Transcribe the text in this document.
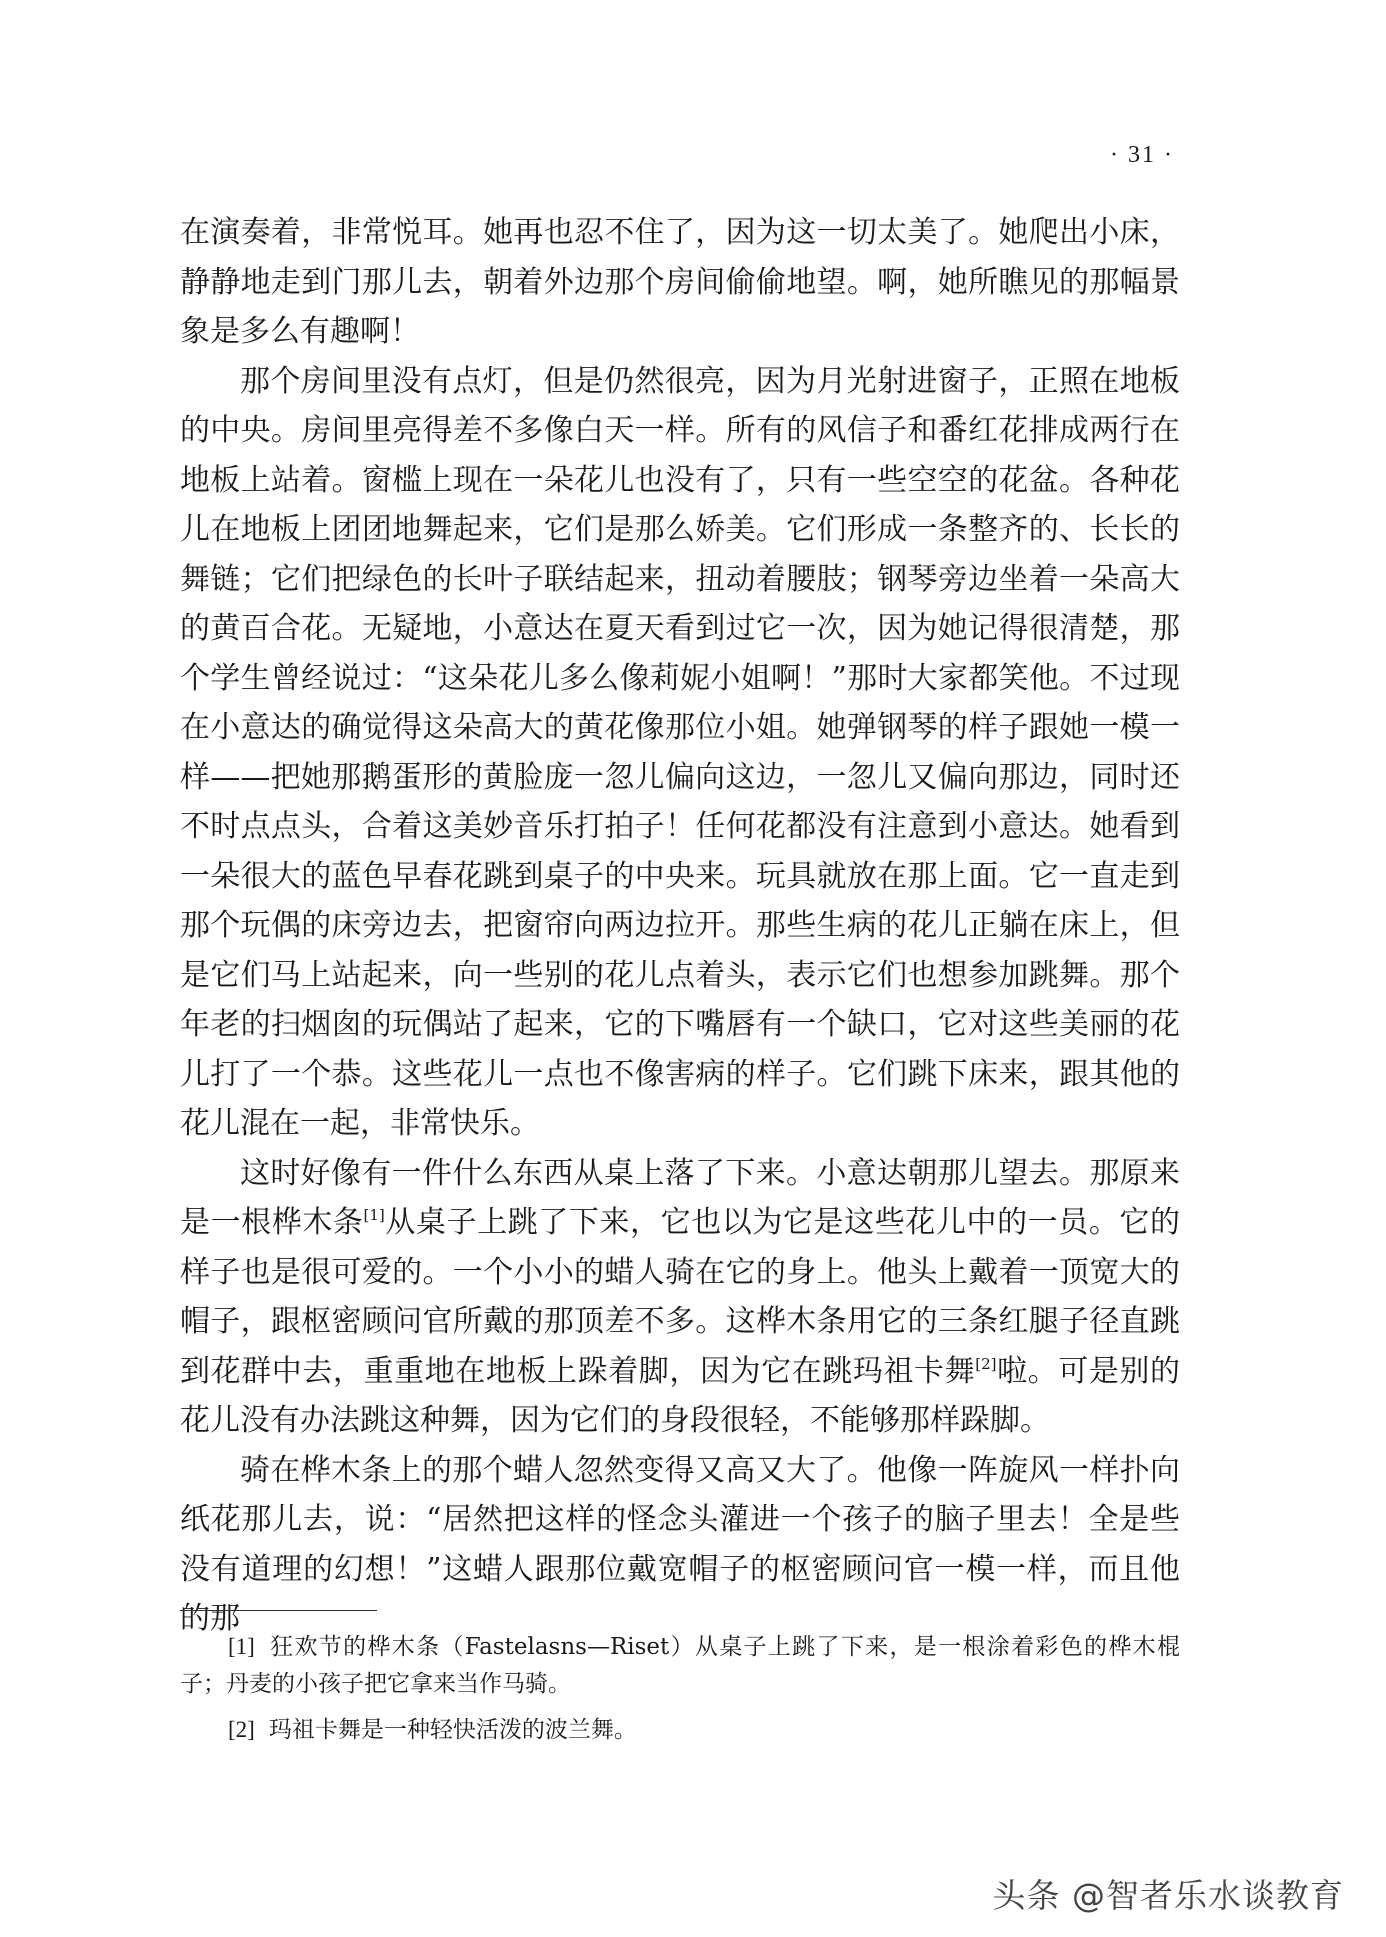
· 31 ·

在演奏着，非常悦耳。她再也忍不住了，因为这一切太美了。她爬出小床，静静地走到门那儿去，朝着外边那个房间偷偷地望。啊，她所瞧见的那幅景象是多么有趣啊！

那个房间里没有点灯，但是仍然很亮，因为月光射进窗子，正照在地板的中央。房间里亮得差不多像白天一样。所有的风信子和番红花排成两行在地板上站着。窗槛上现在一朵花儿也没有了，只有一些空空的花盆。各种花儿在地板上团团地舞起来，它们是那么娇美。它们形成一条整齐的、长长的舞链；它们把绿色的长叶子联结起来，扭动着腰肢；钢琴旁边坐着一朵高大的黄百合花。无疑地，小意达在夏天看到过它一次，因为她记得很清楚，那个学生曾经说过：“这朵花儿多么像莉妮小姐啊！”那时大家都笑他。不过现在小意达的确觉得这朵高大的黄花像那位小姐。她弹钢琴的样子跟她一模一样——把她那鹅蛋形的黄脸庞一忽儿偏向这边，一忽儿又偏向那边，同时还不时点点头，合着这美妙音乐打拍子！任何花都没有注意到小意达。她看到一朵很大的蓝色早春花跳到桌子的中央来。玩具就放在那上面。它一直走到那个玩偶的床旁边去，把窗帘向两边拉开。那些生病的花儿正躺在床上，但是它们马上站起来，向一些别的花儿点着头，表示它们也想参加跳舞。那个年老的扫烟囱的玩偶站了起来，它的下嘴唇有一个缺口，它对这些美丽的花儿打了一个恭。这些花儿一点也不像害病的样子。它们跳下床来，跟其他的花儿混在一起，非常快乐。

这时好像有一件什么东西从桌上落了下来。小意达朝那儿望去。那原来是一根桦木条[1]从桌子上跳了下来，它也以为它是这些花儿中的一员。它的样子也是很可爱的。一个小小的蜡人骑在它的身上。他头上戴着一顶宽大的帽子，跟枢密顾问官所戴的那顶差不多。这桦木条用它的三条红腿子径直跳到花群中去，重重地在地板上跺着脚，因为它在跳玛祖卡舞[2]啦。可是别的花儿没有办法跳这种舞，因为它们的身段很轻，不能够那样跺脚。

骑在桦木条上的那个蜡人忽然变得又高又大了。他像一阵旋风一样扑向纸花那儿去，说：“居然把这样的怪念头灌进一个孩子的脑子里去！全是些没有道理的幻想！”这蜡人跟那位戴宽帽子的枢密顾问官一模一样，而且他的那

[1] 狂欢节的桦木条（Fastelasns—Riset）从桌子上跳了下来，是一根涂着彩色的桦木棍子；丹麦的小孩子把它拿来当作马骑。

[2] 玛祖卡舞是一种轻快活泼的波兰舞。

头条 @智者乐水谈教育
